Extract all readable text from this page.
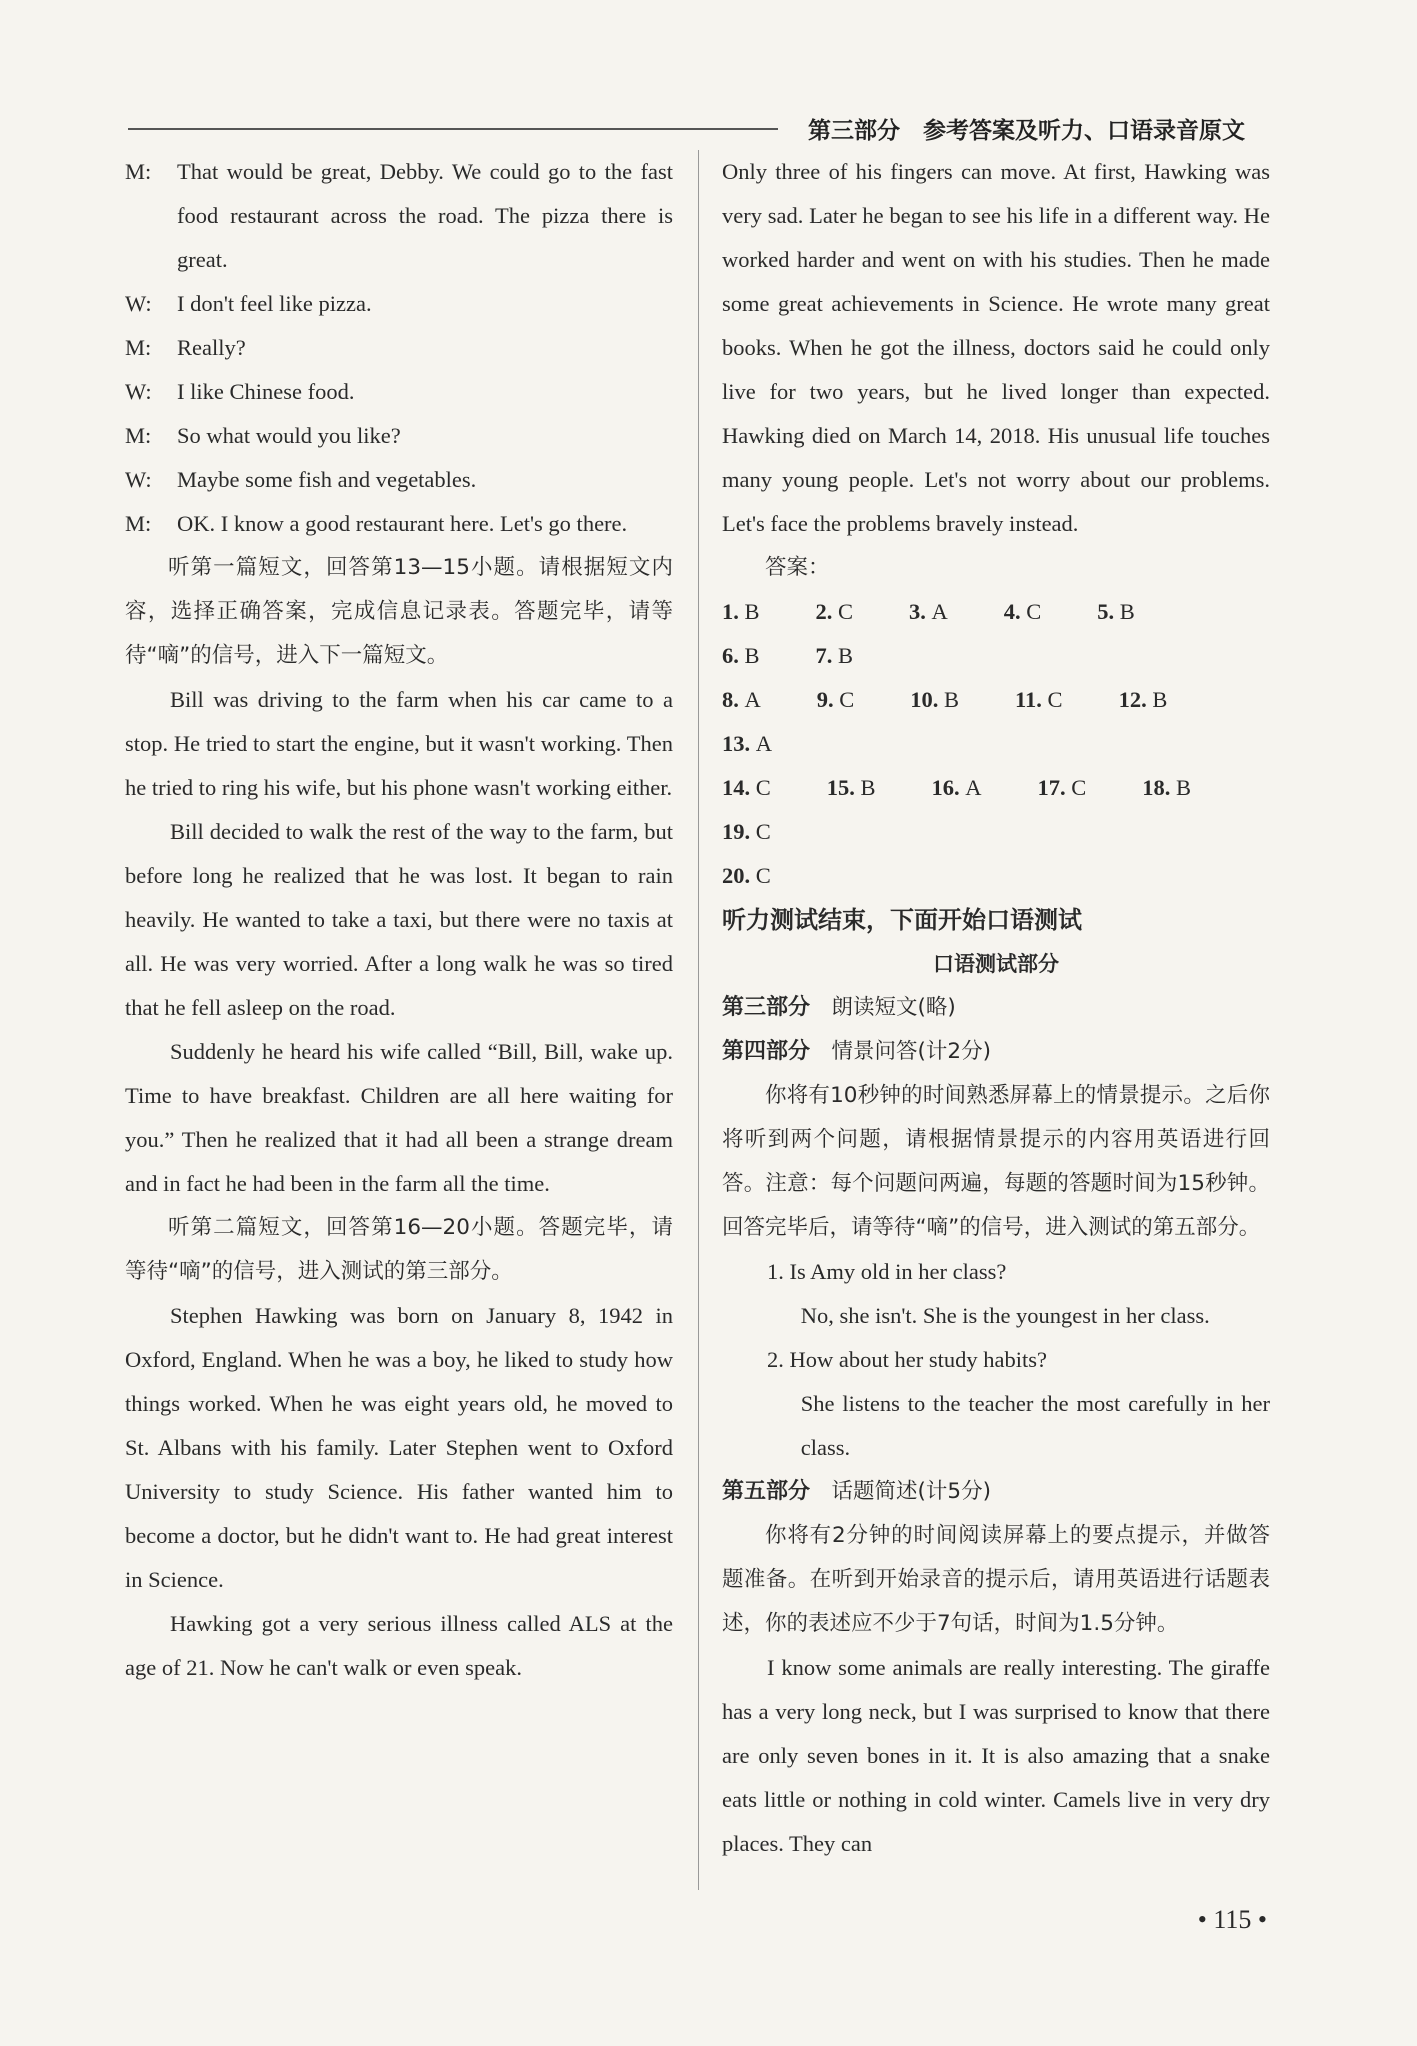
第三部分　参考答案及听力、口语录音原文

M: That would be great, Debby. We could go to the fast food restaurant across the road. The pizza there is great.

W: I don't feel like pizza.

M: Really?

W: I like Chinese food.

M: So what would you like?

W: Maybe some fish and vegetables.

M: OK. I know a good restaurant here. Let's go there.

听第一篇短文，回答第13—15小题。请根据短文内容，选择正确答案，完成信息记录表。答题完毕，请等待“嘀”的信号，进入下一篇短文。

Bill was driving to the farm when his car came to a stop. He tried to start the engine, but it wasn't working. Then he tried to ring his wife, but his phone wasn't working either.

Bill decided to walk the rest of the way to the farm, but before long he realized that he was lost. It began to rain heavily. He wanted to take a taxi, but there were no taxis at all. He was very worried. After a long walk he was so tired that he fell asleep on the road.

Suddenly he heard his wife called “Bill, Bill, wake up. Time to have breakfast. Children are all here waiting for you.” Then he realized that it had all been a strange dream and in fact he had been in the farm all the time.

听第二篇短文，回答第16—20小题。答题完毕，请等待“嘀”的信号，进入测试的第三部分。

Stephen Hawking was born on January 8, 1942 in Oxford, England. When he was a boy, he liked to study how things worked. When he was eight years old, he moved to St. Albans with his family. Later Stephen went to Oxford University to study Science. His father wanted him to become a doctor, but he didn't want to. He had great interest in Science.

Hawking got a very serious illness called ALS at the age of 21. Now he can't walk or even speak.

Only three of his fingers can move. At first, Hawking was very sad. Later he began to see his life in a different way. He worked harder and went on with his studies. Then he made some great achievements in Science. He wrote many great books. When he got the illness, doctors said he could only live for two years, but he lived longer than expected. Hawking died on March 14, 2018. His unusual life touches many young people. Let's not worry about our problems. Let's face the problems bravely instead.

答案：

1. B 2. C 3. A 4. C 5. B6. B 7. B

8. A 9. C 10. B 11. C 12. B13. A

14. C 15. B 16. A 17. C 18. B19. C

20. C

听力测试结束，下面开始口语测试

口语测试部分

第三部分　 朗读短文(略)

第四部分　 情景问答(计2分)

你将有10秒钟的时间熟悉屏幕上的情景提示。之后你将听到两个问题，请根据情景提示的内容用英语进行回答。注意：每个问题问两遍，每题的答题时间为15秒钟。回答完毕后，请等待“嘀”的信号，进入测试的第五部分。

1. Is Amy old in her class?

No, she isn't. She is the youngest in her class.

2. How about her study habits?

She listens to the teacher the most carefully in her class.

第五部分　 话题简述(计5分)

你将有2分钟的时间阅读屏幕上的要点提示，并做答题准备。在听到开始录音的提示后，请用英语进行话题表述，你的表述应不少于7句话，时间为1.5分钟。

I know some animals are really interesting. The giraffe has a very long neck, but I was surprised to know that there are only seven bones in it. It is also amazing that a snake eats little or nothing in cold winter. Camels live in very dry places. They can

• 115 •
